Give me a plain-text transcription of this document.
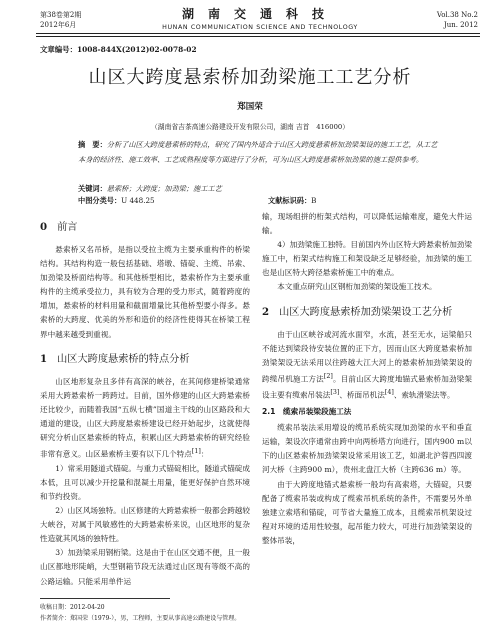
第38卷第2期
2012年6月
湖南交通科技
HUNAN COMMUNICATION SCIENCE AND TECHNOLOGY
Vol.38 No.2
Jun. 2012
文章编号：1008-844X(2012)02-0078-02
山区大跨度悬索桥加劲梁施工工艺分析
郑国荣
（湖南省吉茶高速公路建设开发有限公司，湖南 吉首　416000）
摘　要：分析了山区大跨度悬索桥的特点，研究了国内外适合于山区大跨度悬索桥加劲梁架设的施工工艺，从工艺本身的经济性、施工效率、工艺成熟程度等方面进行了分析，可为山区大跨度悬索桥加劲梁的施工提供参考。
关键词：悬索桥；大跨度；加劲梁；施工工艺
中图分类号：U 448.25	文献标识码：B
0 前言

悬索桥又名吊桥，是指以受拉主缆为主要承重构件的桥梁结构。其结构构造一般包括基础、塔墩、锚碇、主缆、吊索、加劲梁及桥面结构等。和其他桥型相比，悬索桥作为主要承重构件的主缆承受拉力，具有较为合理的受力形式，随着跨度的增加，悬索桥的材料用量和截面增量比其他桥型要小得多。悬索桥的大跨度、优美的外形和造价的经济性使得其在桥梁工程界中越来越受到重视。

1 山区大跨度悬索桥的特点分析

山区地形复杂且多伴有高深的峡谷，在其间修建桥梁通常采用大跨悬索桥一跨跨过。目前，国外修建的山区大跨悬索桥还比较少，而随着我国“五纵七横”国道主干线的山区路段和大通道的建设，山区大跨度悬索桥建设已经开始起步，这就使得研究分析山区悬索桥的特点，积累山区大跨悬索桥的研究经验非常有意义。山区悬索桥主要有以下几个特点[1]：

1）常采用隧道式锚碇。与重力式锚碇相比，隧道式锚碇成本低，且可以减少开挖量和混凝土用量，能更好保护自然环境和节约投资。

2）山区风场独特。山区修建的大跨悬索桥一般都会跨越较大峡谷，对属于风敏感性的大跨悬索桥来说，山区地形的复杂性造就其风场的独特性。

3）加劲梁采用钢桁梁。这是由于在山区交通不便，且一般山区都地形陡峭，大型钢箱节段无法通过山区现有等级不高的公路运输。只能采用单件运

输，现场组拼的桁架式结构，可以降低运输难度，避免大件运输。

4）加劲梁施工独特。目前国内外山区特大跨悬索桥加劲梁施工中，桁架式结构施工和架设缺乏足够经验，加劲梁的施工也是山区特大跨径悬索桥施工中的难点。

本文重点研究山区钢桁加劲梁的架设施工技术。

2 山区大跨度悬索桥加劲梁架设工艺分析

由于山区峡谷或河流水面窄，水流，甚至无水，运梁船只不能达到梁段待安装位置的正下方，因而山区大跨度悬索桥加劲梁架设无法采用以往跨越大江大河上的悬索桥加劲梁架设的跨缆吊机施工方法[2]。目前山区大跨度地锚式悬索桥加劲梁架设主要有缆索吊装法[3]、桥面吊机法[4]、索轨滑梁法等。

2.1　缆索吊装梁段施工法

缆索吊装法采用增设的缆吊系统实现加劲梁的水平和垂直运输，架设次序通常由跨中向两桥塔方向进行，国内900 m以下的山区悬索桥加劲梁架设常采用该工艺，如湖北沪蓉西四渡河大桥（主跨900 m），贵州北盘江大桥（主跨636 m）等。

由于大跨度地锚式悬索桥一般均有高索塔，大锚碇，只要配备了缆索吊装或构成了缆索吊机系统的条件，不需要另外单独建立索塔和锚碇，可节省大量施工成本，且缆索吊机架设过程对环境的适用性较强，起吊能力较大，可进行加劲梁架设的整体吊装，

收稿日期：2012-04-20
作者简介：郑国荣（1979-），男，工程师，主要从事高速公路建设与管理。
